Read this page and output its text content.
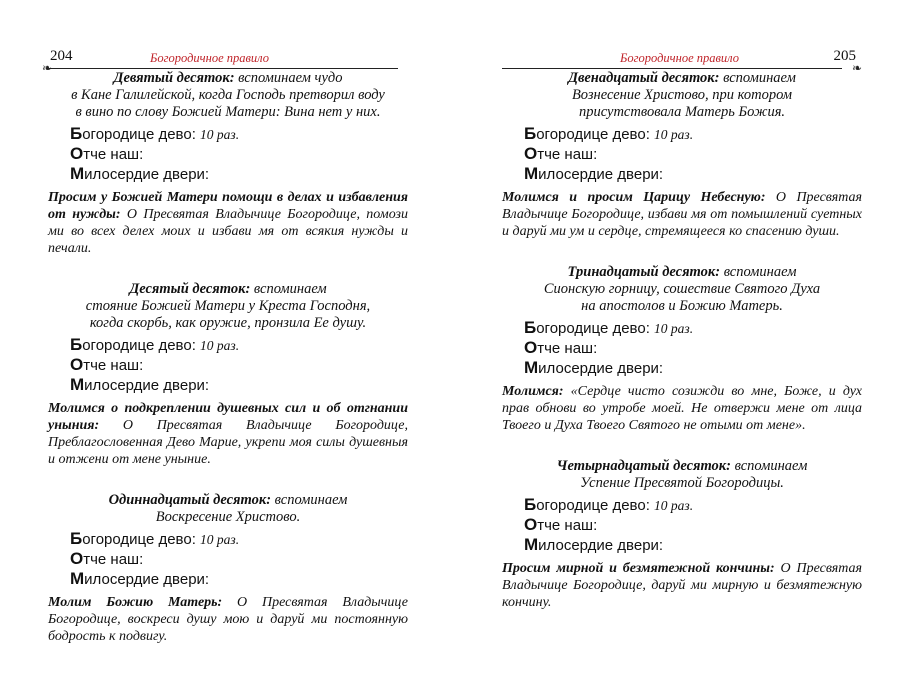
204	Богородичное правило
❧
Девятый десяток: вспоминаем чудо
в Кане Галилейской, когда Господь претворил воду
в вино по слову Божией Матери: Вина нет у них.
Богородице дево: 10 раз.
Отче наш:
Милосердие двери:
Просим у Божией Матери помощи в делах и избавления от нужды: О Пресвятая Владычице Богородице, помози ми во всех делех моих и избави мя от всякия нужды и печали.
Десятый десяток: вспоминаем
стояние Божией Матери у Креста Господня,
когда скорбь, как оружие, пронзила Ее душу.
Богородице дево: 10 раз.
Отче наш:
Милосердие двери:
Молимся о подкреплении душевных сил и об отгнании уныния: О Пресвятая Владычице Богородице, Преблагословенная Дево Марие, укрепи моя силы душевныя и отжени от мене уныние.
Одиннадцатый десяток: вспоминаем
Воскресение Христово.
Богородице дево: 10 раз.
Отче наш:
Милосердие двери:
Молим Божию Матерь: О Пресвятая Владычице Богородице, воскреси душу мою и даруй ми постоянную бодрость к подвигу.
Богородичное правило	205
❧
Двенадцатый десяток: вспоминаем
Вознесение Христово, при котором
присутствовала Матерь Божия.
Богородице дево: 10 раз.
Отче наш:
Милосердие двери:
Молимся и просим Царицу Небесную: О Пресвятая Владычице Богородице, избави мя от помышлений суетных и даруй ми ум и сердце, стремящееся ко спасению души.
Тринадцатый десяток: вспоминаем
Сионскую горницу, сошествие Святого Духа
на апостолов и Божию Матерь.
Богородице дево: 10 раз.
Отче наш:
Милосердие двери:
Молимся: «Сердце чисто созижди во мне, Боже, и дух прав обнови во утробе моей. Не отвержи мене от лица Твоего и Духа Твоего Святого не отыми от мене».
Четырнадцатый десяток: вспоминаем
Успение Пресвятой Богородицы.
Богородице дево: 10 раз.
Отче наш:
Милосердие двери:
Просим мирной и безмятежной кончины: О Пресвятая Владычице Богородице, даруй ми мирную и безмятежную кончину.
